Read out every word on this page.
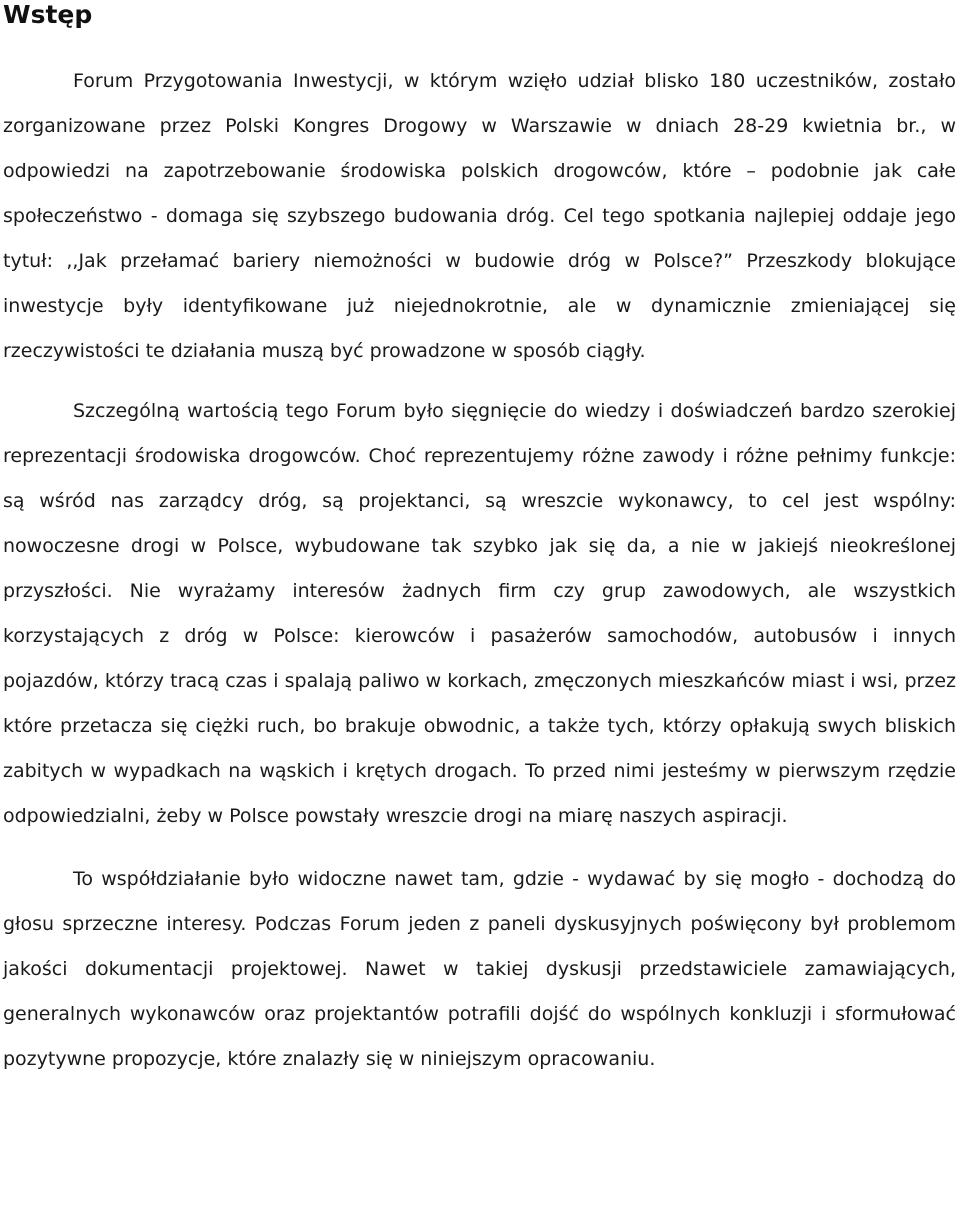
Wstęp

Forum Przygotowania Inwestycji, w którym wzięło udział blisko 180 uczestników, zostało zorganizowane przez Polski Kongres Drogowy w Warszawie w dniach 28-29 kwietnia br., w odpowiedzi na zapotrzebowanie środowiska polskich drogowców, które – podobnie jak całe społeczeństwo - domaga się szybszego budowania dróg. Cel tego spotkania najlepiej oddaje jego tytuł: ,,Jak przełamać bariery niemożności w budowie dróg w Polsce?” Przeszkody blokujące inwestycje były identyfikowane już niejednokrotnie, ale w dynamicznie zmieniającej się rzeczywistości te działania muszą być prowadzone w sposób ciągły.

Szczególną wartością tego Forum było sięgnięcie do wiedzy i doświadczeń bardzo szerokiej reprezentacji środowiska drogowców. Choć reprezentujemy różne zawody i różne pełnimy funkcje: są wśród nas zarządcy dróg, są projektanci, są wreszcie wykonawcy, to cel jest wspólny: nowoczesne drogi w Polsce, wybudowane tak szybko jak się da, a nie w jakiejś nieokreślonej przyszłości. Nie wyrażamy interesów żadnych firm czy grup zawodowych, ale wszystkich korzystających z dróg w Polsce: kierowców i pasażerów samochodów, autobusów i innych pojazdów, którzy tracą czas i spalają paliwo w korkach, zmęczonych mieszkańców miast i wsi, przez które przetacza się ciężki ruch, bo brakuje obwodnic, a także tych, którzy opłakują swych bliskich zabitych w wypadkach na wąskich i krętych drogach. To przed nimi jesteśmy w pierwszym rzędzie odpowiedzialni, żeby w Polsce powstały wreszcie drogi na miarę naszych aspiracji.

To współdziałanie było widoczne nawet tam, gdzie - wydawać by się mogło - dochodzą do głosu sprzeczne interesy. Podczas Forum jeden z paneli dyskusyjnych poświęcony był problemom jakości dokumentacji projektowej. Nawet w takiej dyskusji przedstawiciele zamawiających, generalnych wykonawców oraz projektantów potrafili dojść do wspólnych konkluzji i sformułować pozytywne propozycje, które znalazły się w niniejszym opracowaniu.
